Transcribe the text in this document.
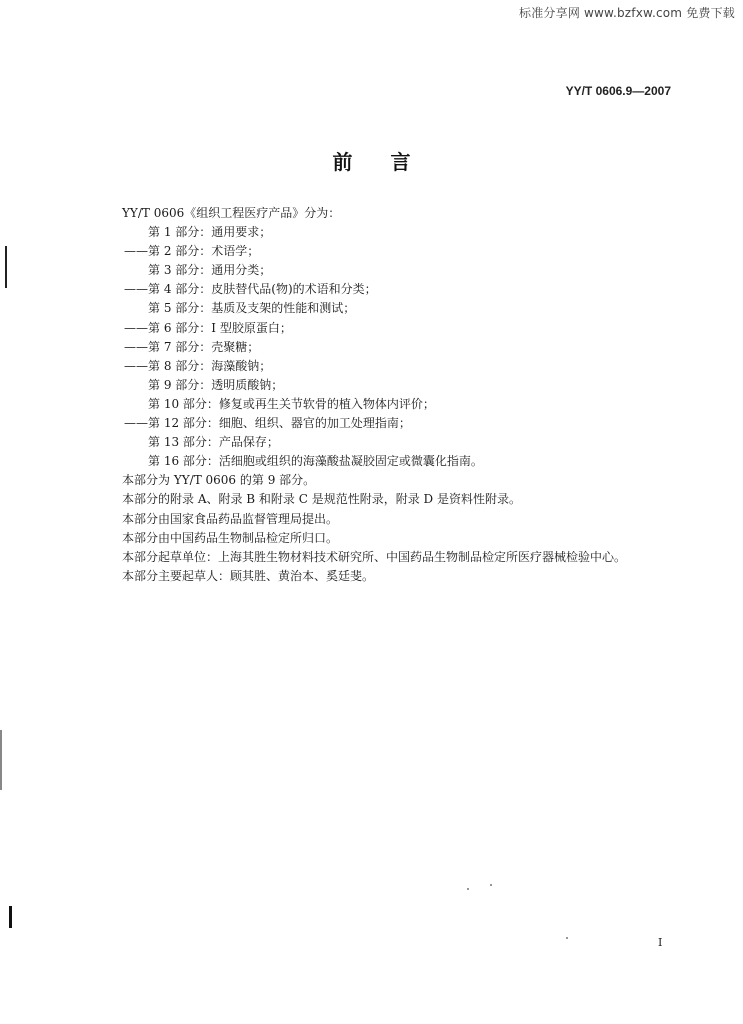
标准分享网 www.bzfxw.com 免费下载
YY/T 0606.9—2007
前言
YY/T 0606《组织工程医疗产品》分为：
第 1 部分：通用要求；
——第 2 部分：术语学；
第 3 部分：通用分类；
——第 4 部分：皮肤替代品(物)的术语和分类；
第 5 部分：基质及支架的性能和测试；
——第 6 部分：I 型胶原蛋白；
——第 7 部分：壳聚糖；
——第 8 部分：海藻酸钠；
第 9 部分：透明质酸钠；
第 10 部分：修复或再生关节软骨的植入物体内评价；
——第 12 部分：细胞、组织、器官的加工处理指南；
第 13 部分：产品保存；
第 16 部分：活细胞或组织的海藻酸盐凝胶固定或微囊化指南。
本部分为 YY/T 0606 的第 9 部分。
本部分的附录 A、附录 B 和附录 C 是规范性附录，附录 D 是资料性附录。
本部分由国家食品药品监督管理局提出。
本部分由中国药品生物制品检定所归口。
本部分起草单位：上海其胜生物材料技术研究所、中国药品生物制品检定所医疗器械检验中心。
本部分主要起草人：顾其胜、黄治本、奚廷斐。
I
